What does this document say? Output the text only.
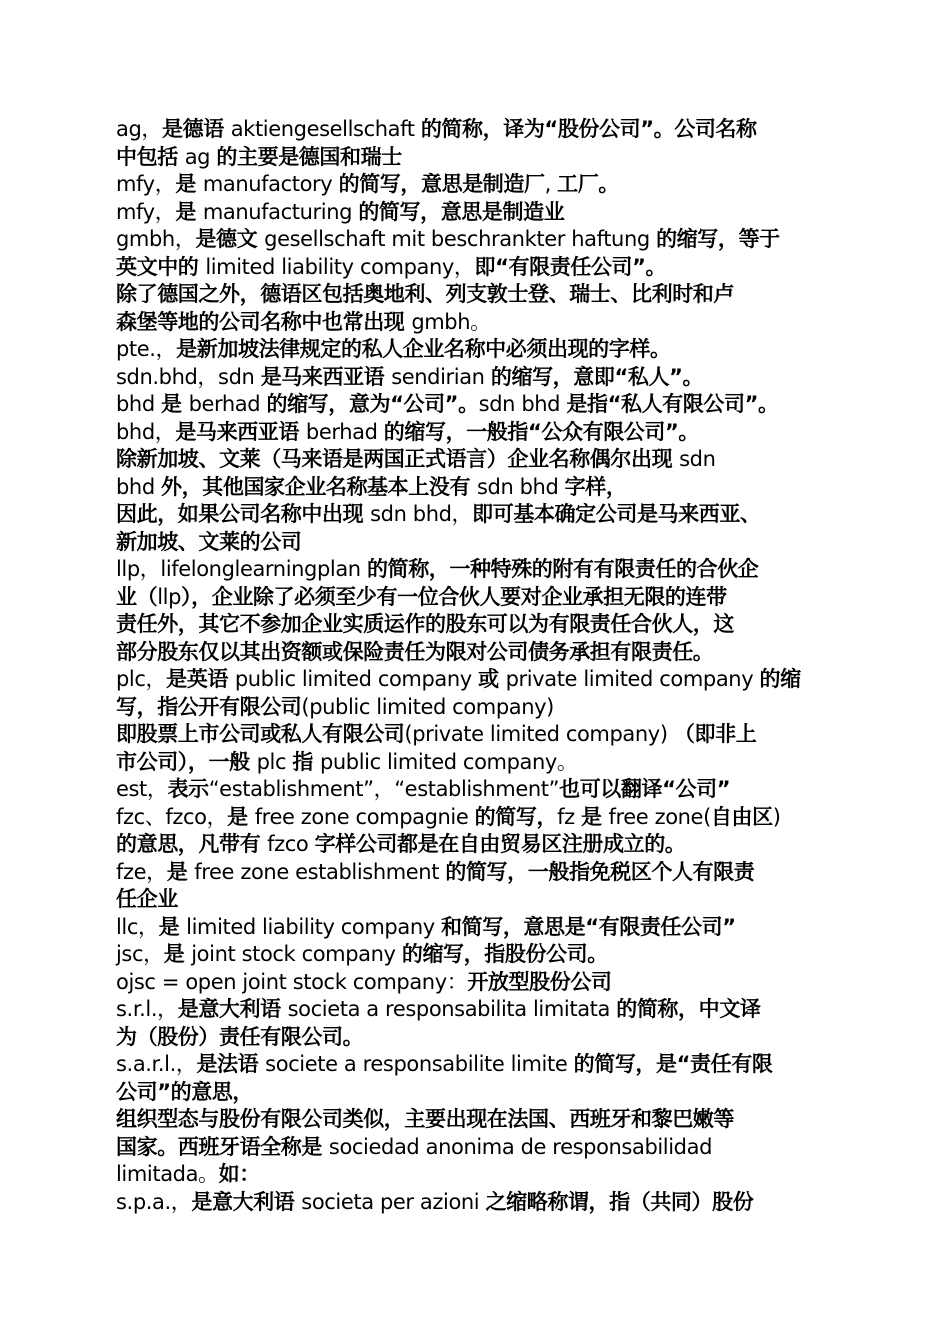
ag，是德语 aktiengesellschaft 的简称，译为“股份公司”。公司名称
中包括 ag 的主要是德国和瑞士
mfy，是 manufactory 的简写，意思是制造厂, 工厂。
mfy，是 manufacturing 的简写，意思是制造业
gmbh，是德文 gesellschaft mit beschrankter haftung 的缩写，等于
英文中的 limited liability company，即“有限责任公司”。
除了德国之外，德语区包括奥地利、列支敦士登、瑞士、比利时和卢
森堡等地的公司名称中也常出现 gmbh。
pte.，是新加坡法律规定的私人企业名称中必须出现的字样。
sdn.bhd，sdn 是马来西亚语 sendirian 的缩写，意即“私人”。
bhd 是 berhad 的缩写，意为“公司”。sdn bhd 是指“私人有限公司”。
bhd，是马来西亚语 berhad 的缩写，一般指“公众有限公司”。
除新加坡、文莱（马来语是两国正式语言）企业名称偶尔出现 sdn
bhd 外，其他国家企业名称基本上没有 sdn bhd 字样，
因此，如果公司名称中出现 sdn bhd，即可基本确定公司是马来西亚、
新加坡、文莱的公司
llp，lifelonglearningplan 的简称，一种特殊的附有有限责任的合伙企
业（llp），企业除了必须至少有一位合伙人要对企业承担无限的连带
责任外，其它不参加企业实质运作的股东可以为有限责任合伙人，这
部分股东仅以其出资额或保险责任为限对公司债务承担有限责任。
plc，是英语 public limited company 或 private limited company 的缩
写，指公开有限公司(public limited company)
即股票上市公司或私人有限公司(private limited company) （即非上
市公司），一般 plc 指 public limited company。
est，表示“establishment”，“establishment”也可以翻译“公司”
fzc、fzco，是 free zone compagnie 的简写，fz 是 free zone(自由区)
的意思，凡带有 fzco 字样公司都是在自由贸易区注册成立的。
fze，是 free zone establishment 的简写，一般指免税区个人有限责
任企业
llc，是 limited liability company 和简写，意思是“有限责任公司”
jsc，是 joint stock company 的缩写，指股份公司。
ojsc = open joint stock company：开放型股份公司
s.r.l.，是意大利语 societa a responsabilita limitata 的简称，中文译
为（股份）责任有限公司。
s.a.r.l.，是法语 societe a responsabilite limite 的简写，是“责任有限
公司”的意思，
组织型态与股份有限公司类似，主要出现在法国、西班牙和黎巴嫩等
国家。西班牙语全称是 sociedad anonima de responsabilidad
limitada。如：
s.p.a.，是意大利语 societa per azioni 之缩略称谓，指（共同）股份
